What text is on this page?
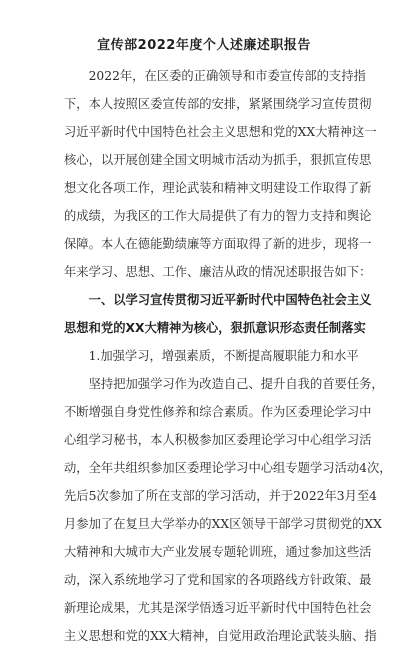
宣传部2022年度个人述廉述职报告
　　2022年，在区委的正确领导和市委宣传部的支持指
下，本人按照区委宣传部的安排，紧紧围绕学习宣传贯彻
习近平新时代中国特色社会主义思想和党的XX大精神这一
核心，以开展创建全国文明城市活动为抓手，狠抓宣传思
想文化各项工作，理论武装和精神文明建设工作取得了新
的成绩，为我区的工作大局提供了有力的智力支持和舆论
保障。本人在德能勤绩廉等方面取得了新的进步，现将一
年来学习、思想、工作、廉洁从政的情况述职报告如下：
　　一、以学习宣传贯彻习近平新时代中国特色社会主义
思想和党的XX大精神为核心，狠抓意识形态责任制落实
　　1.加强学习，增强素质，不断提高履职能力和水平
　　坚持把加强学习作为改造自己、提升自我的首要任务，
不断增强自身党性修养和综合素质。作为区委理论学习中
心组学习秘书，本人积极参加区委理论学习中心组学习活
动，全年共组织参加区委理论学习中心组专题学习活动4次，
先后5次参加了所在支部的学习活动，并于2022年3月至4
月参加了在复旦大学举办的XX区领导干部学习贯彻党的XX
大精神和大城市大产业发展专题轮训班，通过参加这些活
动，深入系统地学习了党和国家的各项路线方针政策、最
新理论成果，尤其是深学悟透习近平新时代中国特色社会
主义思想和党的XX大精神，自觉用政治理论武装头脑、指
